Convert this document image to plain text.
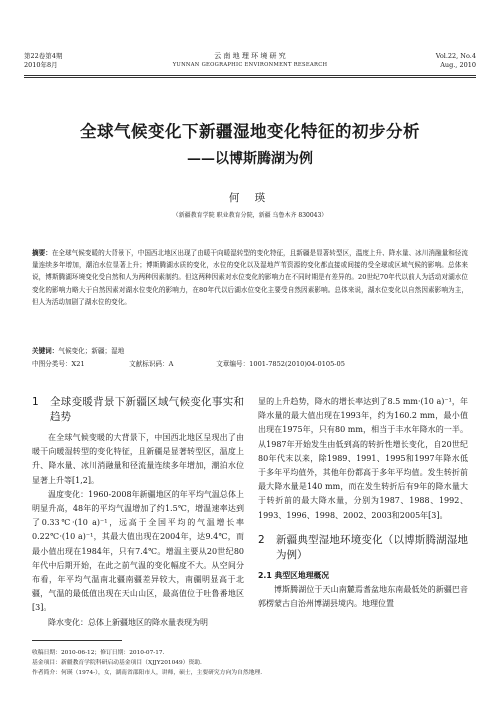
第22卷第4期
2010年8月
云 南 地 理 环 境 研 究
YUNNAN GEOGRAPHIC ENVIRONMENT RESEARCH
Vol.22, No.4
Aug., 2010
全球气候变化下新疆湿地变化特征的初步分析
——以博斯腾湖为例
何 瑛
（新疆教育学院 职业教育分院，新疆 乌鲁木齐 830043）
摘要：在全球气候变暖的大背景下，中国西北地区出现了由暖干向暖湿转型的变化特征，且新疆是显著转型区，温度上升、降水量、冰川消融量和径流量连续多年增加，潮泊水位显著上升；博斯腾湖水质的变化，水位的变化以及湿地芦苇资源的变化都直接或间接的受全球或区域气候的影响。总体来说，博斯腾湖环境变化受自然和人为两种因素制约。但这两种因素对水位变化的影响力在不同时期是有差异的。20世纪70年代以前人为活动对湖水位变化的影响力略大于自然因素对湖水位变化的影响力，在80年代以后湖水位变化主要受自然因素影响。总体来说，湖水位变化以自然因素影响为主，但人为活动加剧了湖水位的变化。
关键词：气候变化；新疆；湿地
中图分类号：X21	文献标识码：A	文章编号：1001-7852(2010)04-0105-05
1	全球变暖背景下新疆区域气候变化事实和趋势

在全球气候变暖的大背景下，中国西北地区呈现出了由暖干向暖湿转型的变化特征，且新疆是显著转型区，温度上升、降水量、冰川消融量和径流量连续多年增加，潮泊水位显著上升等[1,2]。

温度变化：1960-2008年新疆地区的年平均气温总体上明显升高，48年的平均气温增加了约1.5℃，增温速率达到了0.33℃·(10 a)⁻¹，远高于全国平均的气温增长率0.22℃·(10 a)⁻¹，其最大值出现在2004年，达9.4℃，而最小值出现在1984年，只有7.4℃。增温主要从20世纪80年代中后期开始，在此之前气温的变化幅度不大。从空间分布看，年平均气温南北疆南疆差异较大，南疆明显高于北疆，气温的最低值出现在天山山区，最高值位于吐鲁番地区[3]。

降水变化：总体上新疆地区的降水量表现为明

显的上升趋势，降水的增长率达到了8.5 mm·(10 a)⁻¹，年降水量的最大值出现在1993年，约为160.2 mm，最小值出现在1975年，只有80 mm，相当于丰水年降水的一半。从1987年开始发生由低到高的转折性增长变化，自20世纪80年代末以来，除1989、1991、1995和1997年降水低于多年平均值外，其他年份都高于多年平均值。发生转折前最大降水量是140 mm，而在发生转折后有9年的降水量大于转折前的最大降水量，分别为1987、1988、1992、1993、1996、1998、2002、2003和2005年[3]。

2	新疆典型湿地环境变化（以博斯腾湖湿地为例）

2.1 典型区地理概况

博斯腾湖位于天山南麓焉耆盆地东南最低处的新疆巴音郭楞蒙古自治州博湖县境内。地理位置

收稿日期：2010-06-12；修订日期：2010-07-17.
基金项目：新疆教育学院科研启动基金项目（XJJY201049）资助.
作者简介：何瑛（1974-），女，湖南省邵阳市人，讲师，硕士，主要研究方向为自然地理.
